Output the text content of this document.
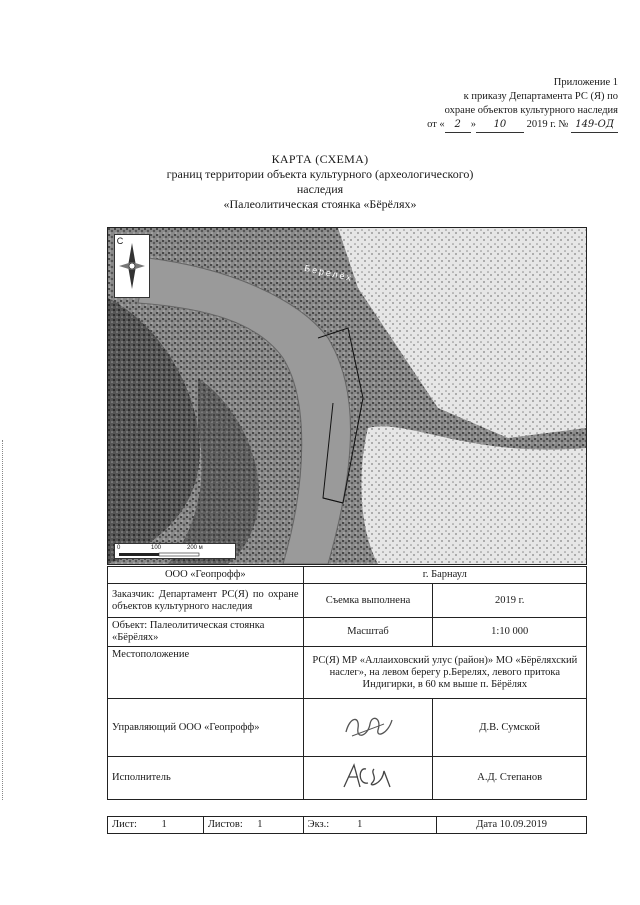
Приложение 1
к приказу Департамента РС (Я) по
охране объектов культурного наследия
от « 2 » 10 2019 г. № 149-ОД
КАРТА (СХЕМА)
границ территории объекта культурного (археологического)
наследия
«Палеолитическая стоянка «Бёрёлях»
С
Берелёх
0	100	200 м
ООО «Геопрофф»	г. Барнаул	
Заказчик: Департамент РС(Я) по охране объектов культурного наследия	Съемка выполнена	2019 г.
Объект: Палеолитическая стоянка «Бёрёлях»	Масштаб	1:10 000
Местоположение	РС(Я) МР «Аллаиховский улус (район)» МО «Бёрёляхский наслег», на левом берегу р.Берелях, левого притока Индигирки, в 60 км выше п. Бёрёлях	
Управляющий ООО «Геопрофф»		Д.В. Сумской
Исполнитель		А.Д. Степанов
Лист:	1	Листов:	1	Экз.:	1	Дата 10.09.2019
